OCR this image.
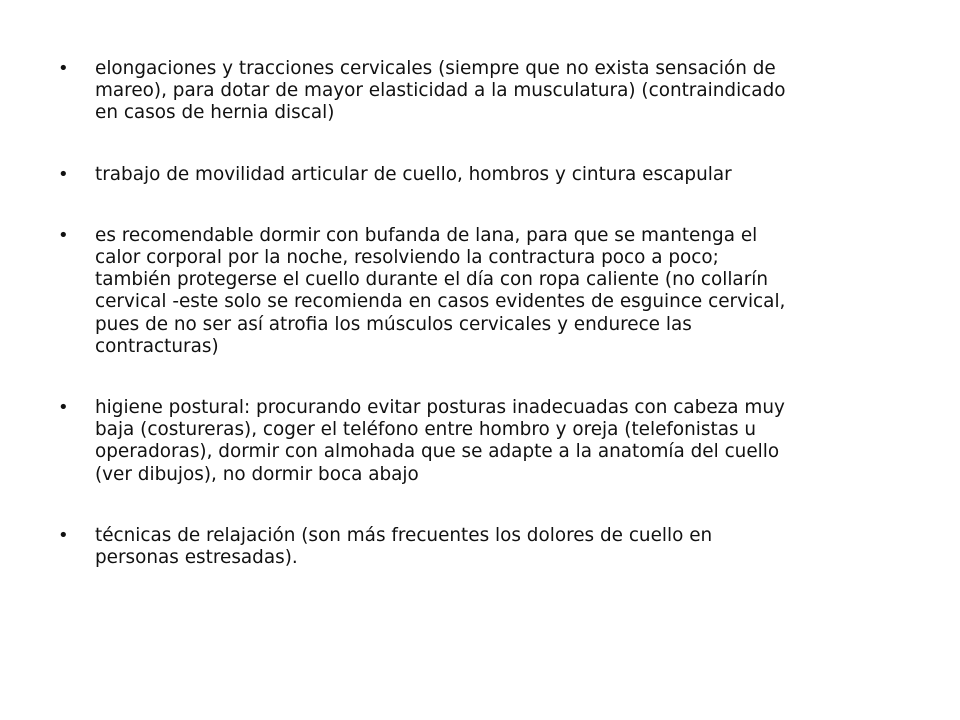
• elongaciones y tracciones cervicales (siempre que no exista sensación de
mareo), para dotar de mayor elasticidad a la musculatura) (contraindicado
en casos de hernia discal)
• trabajo de movilidad articular de cuello, hombros y cintura escapular
• es recomendable dormir con bufanda de lana, para que se mantenga el
calor corporal por la noche, resolviendo la contractura poco a poco;
también protegerse el cuello durante el día con ropa caliente (no collarín
cervical -este solo se recomienda en casos evidentes de esguince cervical,
pues de no ser así atrofia los músculos cervicales y endurece las
contracturas)
• higiene postural: procurando evitar posturas inadecuadas con cabeza muy
baja (costureras), coger el teléfono entre hombro y oreja (telefonistas u
operadoras), dormir con almohada que se adapte a la anatomía del cuello
(ver dibujos), no dormir boca abajo
• técnicas de relajación (son más frecuentes los dolores de cuello en
personas estresadas).
